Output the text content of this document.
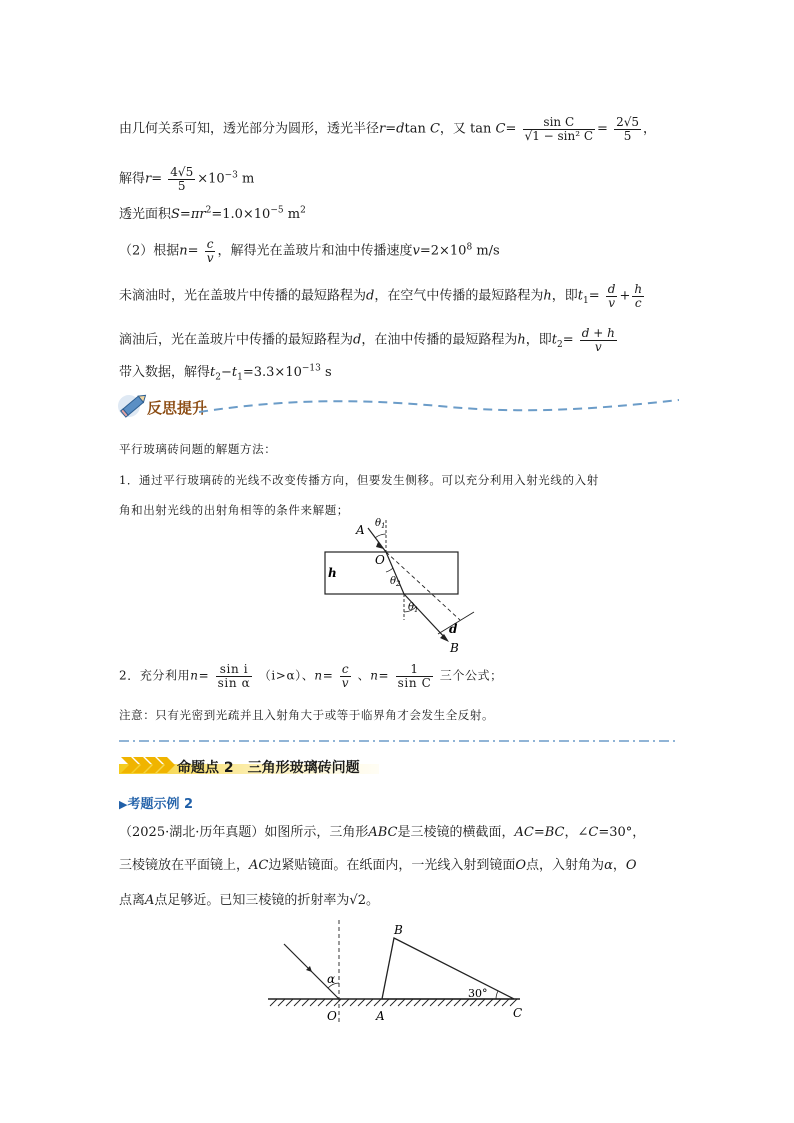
由几何关系可知，透光部分为圆形，透光半径r=dtan C，又 $\tan C= \frac{\text{sin C}}{\text{√1 − sin² C}} = \frac{2√5}{5}$ ，
解得$r= \frac{4√5}{5} \times 10^{-3}$ m
透光面积$S=\pi r^2=1.0\times 10^{-5}$ $m^2$
（2）根据$n= \frac{c}{v}$ ，解得光在盖玻片和油中传播速度$v=2\times 10^8$ m/s
未滴油时，光在盖玻片中传播的最短路程为d，在空气中传播的最短路程为h，即$t_1= \frac{d}{v} + \frac{h}{c}$
滴油后，光在盖玻片中传播的最短路程为d，在油中传播的最短路程为h，即$t_2= \frac{d + h}{v}$
带入数据，解得$t_2-t_1=3.3\times 10^{-13}$ s
反思提升
平行玻璃砖问题的解题方法：
1．通过平行玻璃砖的光线不改变传播方向，但要发生侧移。可以充分利用入射光线的入射
角和出射光线的出射角相等的条件来解题；
A
O
h
$\theta_1$
$\theta_2$
$\theta_1$
d
B
2．充分利用$n= \frac{\text{sin i}}{\text{sin α}} (i>\alpha)$、$n= \frac{c}{v}$ 、$n= \frac{1}{\text{sin C}}$ 三个公式；
注意：只有光密到光疏并且入射角大于或等于临界角才会发生全反射。
命题点 2　三角形玻璃砖问题
▶考题示例 2
（2025·湖北·历年真题）如图所示，三角形ABC是三棱镜的横截面，AC=BC，∠C=30°，
三棱镜放在平面镜上，AC边紧贴镜面。在纸面内，一光线入射到镜面O点，入射角为α，O
点离A点足够近。已知三棱镜的折射率为√2。
α
O	A
B
C
30°
